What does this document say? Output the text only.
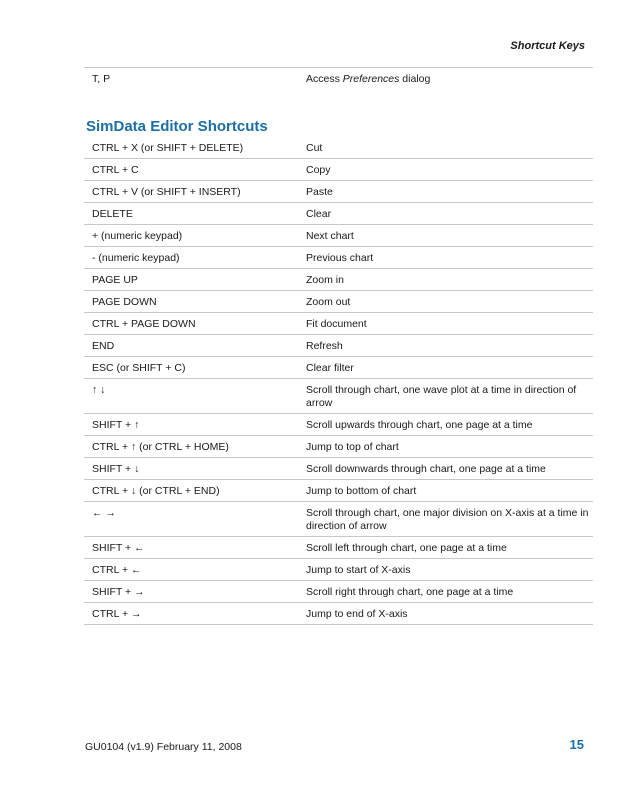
Shortcut Keys
T, P	Access Preferences dialog
SimData Editor Shortcuts
CTRL + X (or SHIFT + DELETE)	Cut
CTRL + C	Copy
CTRL + V (or SHIFT + INSERT)	Paste
DELETE	Clear
+ (numeric keypad)	Next chart
- (numeric keypad)	Previous chart
PAGE UP	Zoom in
PAGE DOWN	Zoom out
CTRL + PAGE DOWN	Fit document
END	Refresh
ESC (or SHIFT + C)	Clear filter
↑ ↓	Scroll through chart, one wave plot at a time in direction of arrow
SHIFT + ↑	Scroll upwards through chart, one page at a time
CTRL + ↑ (or CTRL + HOME)	Jump to top of chart
SHIFT + ↓	Scroll downwards through chart, one page at a time
CTRL + ↓ (or CTRL + END)	Jump to bottom of chart
← →	Scroll through chart, one major division on X-axis at a time in direction of arrow
SHIFT + ←	Scroll left through chart, one page at a time
CTRL + ←	Jump to start of X-axis
SHIFT + →	Scroll right through chart, one page at a time
CTRL + →	Jump to end of X-axis
GU0104 (v1.9) February 11, 2008	15
